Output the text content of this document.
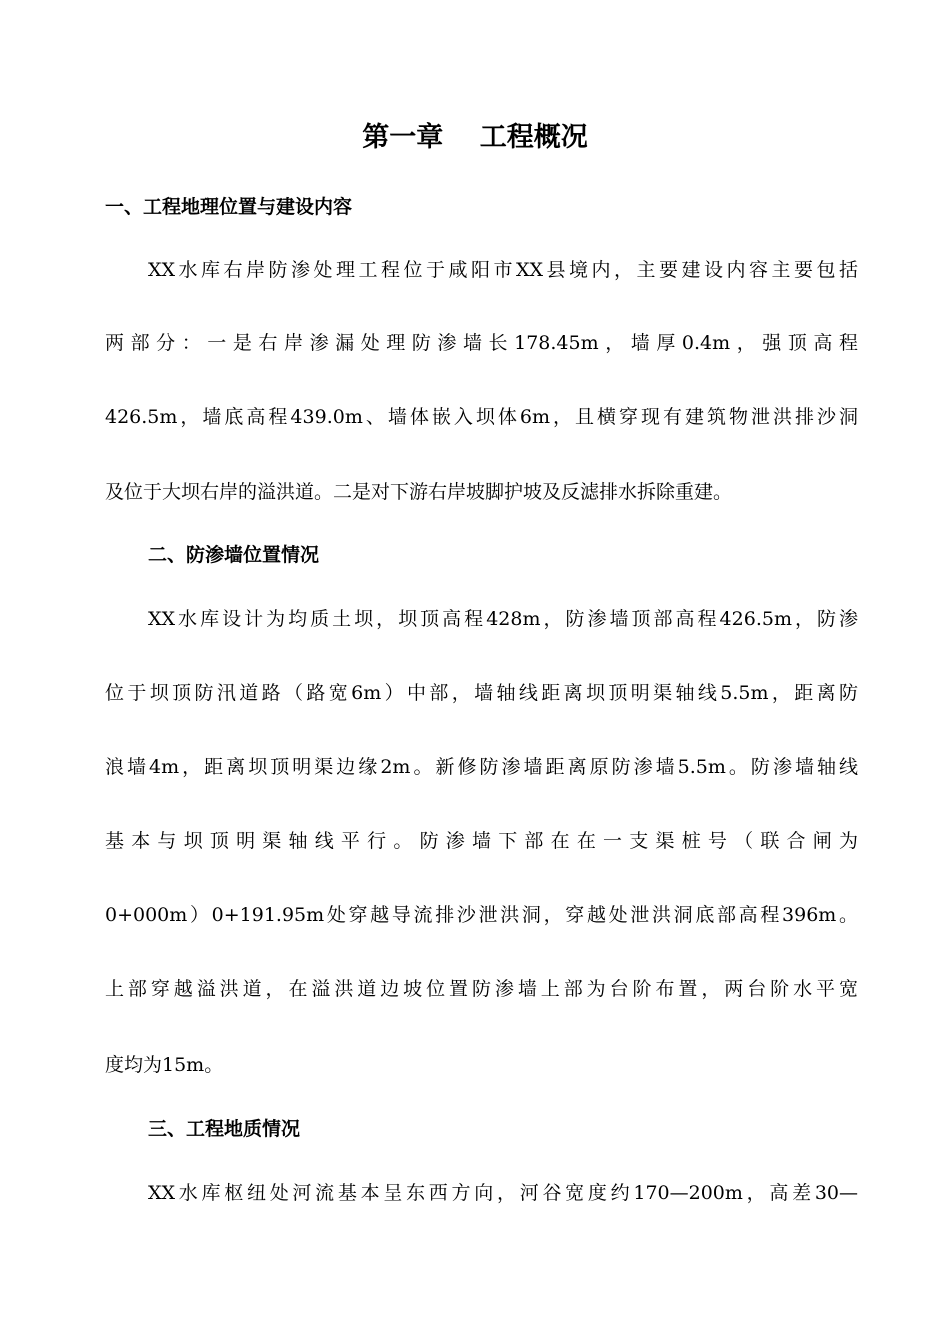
第一章　 工程概况
一、工程地理位置与建设内容
XX水库右岸防渗处理工程位于咸阳市XX县境内，主要建设内容主要包括
两部分：一是右岸渗漏处理防渗墙长178.45m，墙厚0.4m，强顶高程
426.5m，墙底高程439.0m、墙体嵌入坝体6m，且横穿现有建筑物泄洪排沙洞
及位于大坝右岸的溢洪道。二是对下游右岸坡脚护坡及反滤排水拆除重建。
二、防渗墙位置情况
XX水库设计为均质土坝，坝顶高程428m，防渗墙顶部高程426.5m，防渗
位于坝顶防汛道路（路宽6m）中部，墙轴线距离坝顶明渠轴线5.5m，距离防
浪墙4m，距离坝顶明渠边缘2m。新修防渗墙距离原防渗墙5.5m。防渗墙轴线
基本与坝顶明渠轴线平行。防渗墙下部在在一支渠桩号（联合闸为
0+000m）0+191.95m处穿越导流排沙泄洪洞，穿越处泄洪洞底部高程396m。
上部穿越溢洪道，在溢洪道边坡位置防渗墙上部为台阶布置，两台阶水平宽
度均为15m。
三、工程地质情况
XX水库枢纽处河流基本呈东西方向，河谷宽度约170—200m，高差30—
